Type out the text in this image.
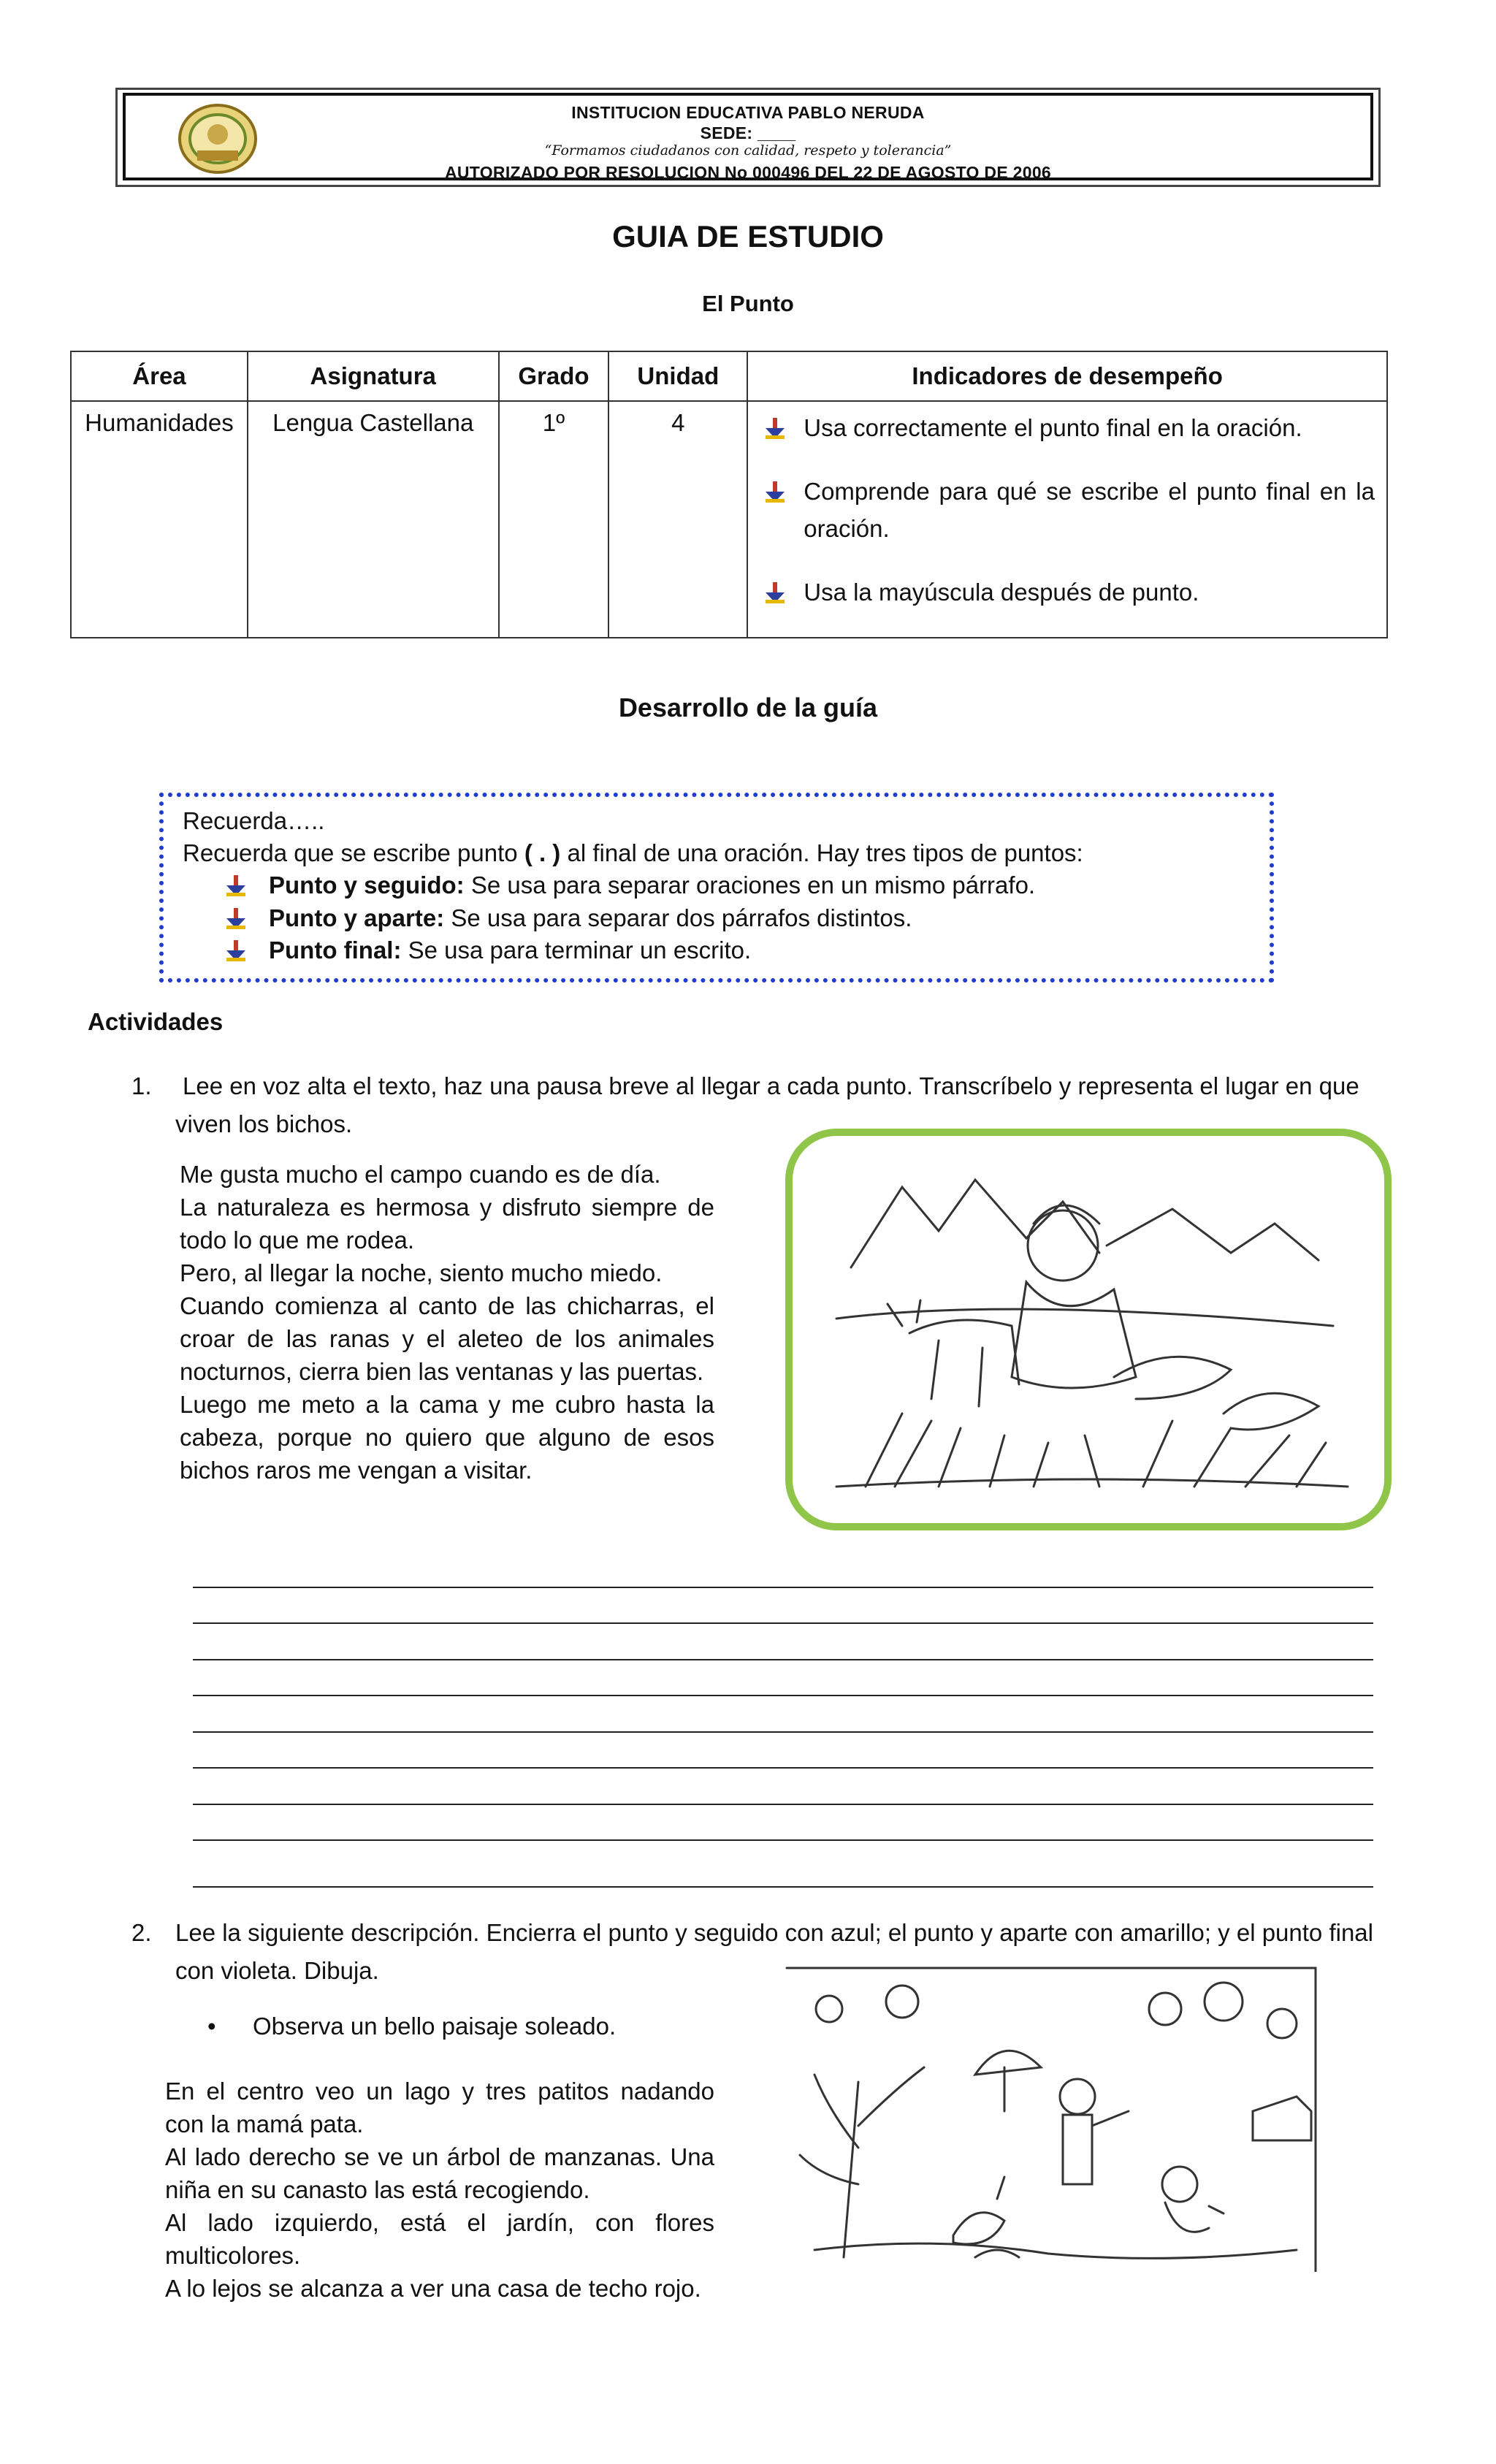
INSTITUCION EDUCATIVA PABLO NERUDA
SEDE: ____
“Formamos ciudadanos con calidad, respeto y tolerancia”
AUTORIZADO POR RESOLUCION No 000496 DEL 22 DE AGOSTO DE 2006
GUIA DE ESTUDIO
El Punto
Área	Asignatura	Grado	Unidad	Indicadores de desempeño
Humanidades	Lengua Castellana	1º	4	Usa correctamente el punto final en la oración.
Comprende para qué se escribe el punto final en la oración.
Usa la mayúscula después de punto.
Desarrollo de la guía
Recuerda…..
Recuerda que se escribe punto ( . ) al final de una oración. Hay tres tipos de puntos:
Punto y seguido: Se usa para separar oraciones en un mismo párrafo.
Punto y aparte: Se usa para separar dos párrafos distintos.
Punto final: Se usa para terminar un escrito.
Actividades
1. Lee en voz alta el texto, haz una pausa breve al llegar a cada punto. Transcríbelo y representa el lugar en que
viven los bichos.
Me gusta mucho el campo cuando es de día.
La naturaleza es hermosa y disfruto siempre de todo lo que me rodea.
Pero, al llegar la noche, siento mucho miedo.
Cuando comienza al canto de las chicharras, el croar de las ranas y el aleteo de los animales nocturnos, cierra bien las ventanas y las puertas.
Luego me meto a la cama y me cubro hasta la cabeza, porque no quiero que alguno de esos bichos raros me vengan a visitar.
2. Lee la siguiente descripción. Encierra el punto y seguido con azul; el punto y aparte con amarillo; y el punto final
con violeta. Dibuja.
• Observa un bello paisaje soleado.
En el centro veo un lago y tres patitos nadando con la mamá pata.
Al lado derecho se ve un árbol de manzanas. Una niña en su canasto las está recogiendo.
Al lado izquierdo, está el jardín, con flores multicolores.
A lo lejos se alcanza a ver una casa de techo rojo.
